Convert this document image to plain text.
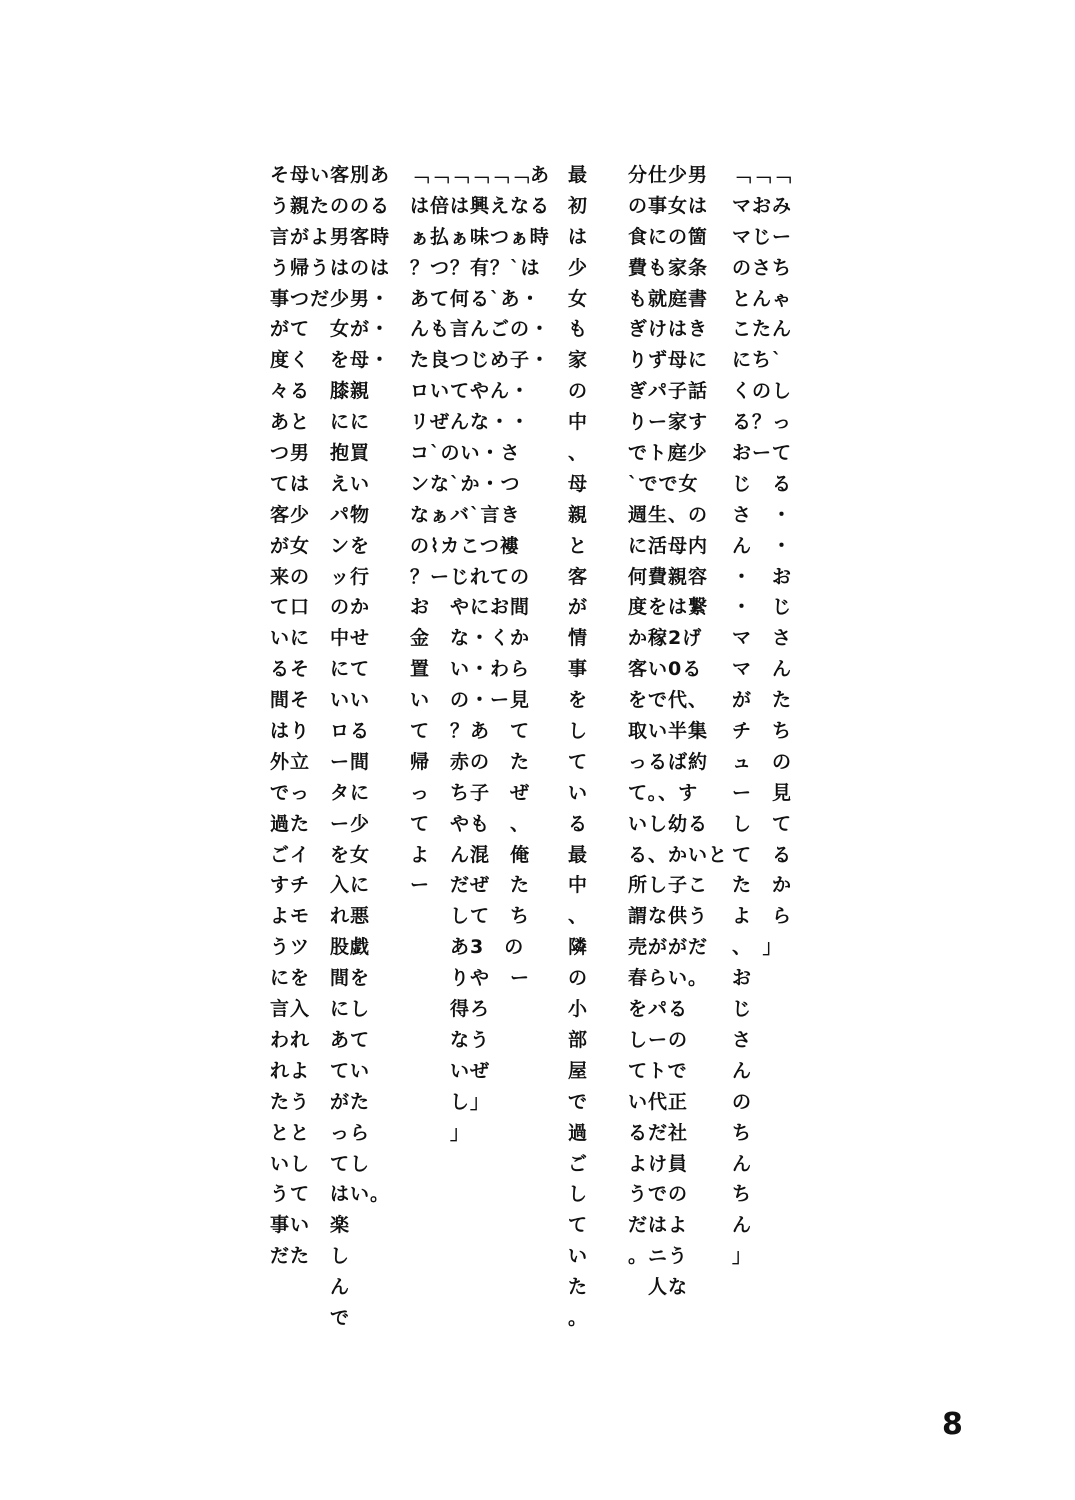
そ母い客別あ
う親たののる
言がよ男客時
う帰うはのは
事つだ少男・
がて　女が・
度く　を母・
々る　膝親
あと　にに
つ男　抱買
ては　えい
客少　パ物
が女　ンを
来の　ッ行
て口　のか
いに　中せ
るそ　にて
間そ　いい
はり　ロる
外立　ー間
でっ　タに
過た　ー少
ごイ　を女
すチ　入に
よモ　れ悪
うツ　股戯
にを　間を
言入　にし
われ　あて
れよ　てい
たう　がた
とと　っら
いし　てし
うて　はい。
事い　楽
だた　し
　　　ん
　　　で
﹁﹁﹁﹁﹁﹁あ
は倍は興えなる
ぁ払ぁ味つぁ時
？つ？有？`は
あて何る`あ・
んも言んごの・
た良つじめ子・
ロいてやん・
リぜんな・・
コ`のい・さ
ンな`か・つ
なぁバ`言き
の⌇カこつ褸
？ーじれての
お　やにお間
金　な・くか
置　い・わら
い　の・ー見
て　？あ　て
帰　赤の　た
っ　ち子　ぜ
て　やも　、
よ　ん混　俺
ー　だぜ　た
　　して　ち
　　あ3　の
　　りや　ー
　　得ろ
　　なう
　　いぜ
　　し」
　　」
最
初
は
少
女
も
家
の
中
、
母
親
と
客
が
情
事
を
し
て
い
る
最
中
、
隣
の
小
部
屋
で
過
ご
し
て
い
た
。
分仕少男
の事女は
食にの箇
費も家条
も就庭書
ぎけはき
りず母に
ぎパ子話
りー家す
でト庭少
`でで女
週生、の
に活母内
何費親容
度をは繋
か稼2げ
客い0る
をで代、
取い半集
っるば約
て。、す
いし幼る
る、かいと
所し子こ
謂な供う
売ががだ
春らい。
をパる
しーの
てトで
い代正
るだ社
よけ員
うでの
だはよ
。ニう
　人な
﹁﹁﹁
マおみ
マじー
のさち
とんゃ
こたん
にち`
くのし
る？っ
おーて
じ　る
さ　・
ん　・
・　お
・　じ
マ　さ
マ　ん
が　た
チ　ち
ュ　の
ー　見
し　て
て　る
た　か
よ　ら
、　」
お
じ
さ
ん
の
ち
ん
ち
ん
」
8
